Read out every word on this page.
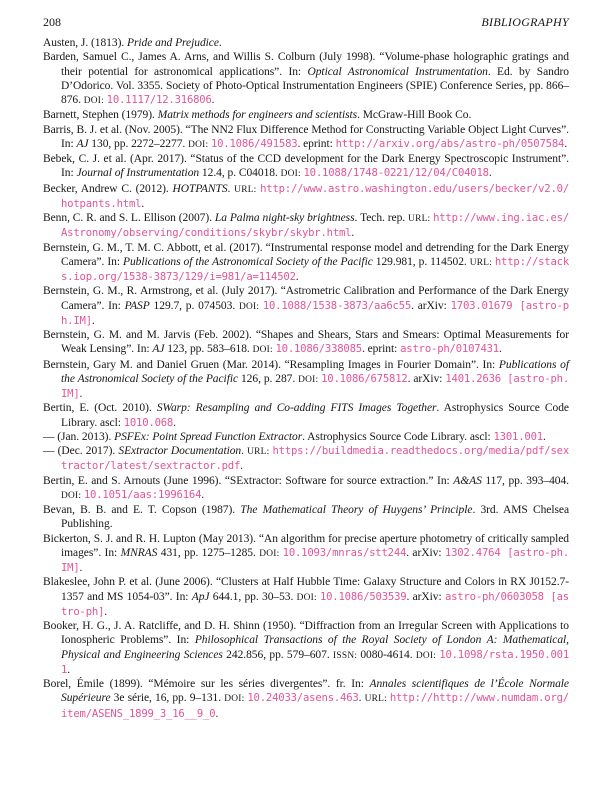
208	BIBLIOGRAPHY

Austen, J. (1813). Pride and Prejudice.

Barden, Samuel C., James A. Arns, and Willis S. Colburn (July 1998). “Volume-phase holographic gratings and their potential for astronomical applications”. In: Optical Astronomical Instrumentation. Ed. by Sandro D’Odorico. Vol. 3355. Society of Photo-Optical Instrumentation Engineers (SPIE) Conference Series, pp. 866–876. DOI: 10.1117/12.316806.

Barnett, Stephen (1979). Matrix methods for engineers and scientists. McGraw-Hill Book Co.

Barris, B. J. et al. (Nov. 2005). “The NN2 Flux Difference Method for Constructing Variable Object Light Curves”. In: AJ 130, pp. 2272–2277. DOI: 10.1086/491583. eprint: http://arxiv.org/abs/astro-ph/0507584.

Bebek, C. J. et al. (Apr. 2017). “Status of the CCD development for the Dark Energy Spectroscopic Instrument”. In: Journal of Instrumentation 12.4, p. C04018. DOI: 10.1088/1748-0221/12/04/C04018.

Becker, Andrew C. (2012). HOTPANTS. URL: http://www.astro.washington.edu/users/becker/v2.0/hotpants.html.

Benn, C. R. and S. L. Ellison (2007). La Palma night-sky brightness. Tech. rep. URL: http://www.ing.iac.es/Astronomy/observing/conditions/skybr/skybr.html.

Bernstein, G. M., T. M. C. Abbott, et al. (2017). “Instrumental response model and detrending for the Dark Energy Camera”. In: Publications of the Astronomical Society of the Pacific 129.981, p. 114502. URL: http://stacks.iop.org/1538-3873/129/i=981/a=114502.

Bernstein, G. M., R. Armstrong, et al. (July 2017). “Astrometric Calibration and Performance of the Dark Energy Camera”. In: PASP 129.7, p. 074503. DOI: 10.1088/1538-3873/aa6c55. arXiv: 1703.01679 [astro-ph.IM].

Bernstein, G. M. and M. Jarvis (Feb. 2002). “Shapes and Shears, Stars and Smears: Optimal Measurements for Weak Lensing”. In: AJ 123, pp. 583–618. DOI: 10.1086/338085. eprint: astro-ph/0107431.

Bernstein, Gary M. and Daniel Gruen (Mar. 2014). “Resampling Images in Fourier Domain”. In: Publications of the Astronomical Society of the Pacific 126, p. 287. DOI: 10.1086/675812. arXiv: 1401.2636 [astro-ph.IM].

Bertin, E. (Oct. 2010). SWarp: Resampling and Co-adding FITS Images Together. Astrophysics Source Code Library. ascl: 1010.068.

— (Jan. 2013). PSFEx: Point Spread Function Extractor. Astrophysics Source Code Library. ascl: 1301.001.

— (Dec. 2017). SExtractor Documentation. URL: https://buildmedia.readthedocs.org/media/pdf/sextractor/latest/sextractor.pdf.

Bertin, E. and S. Arnouts (June 1996). “SExtractor: Software for source extraction.” In: A&AS 117, pp. 393–404. DOI: 10.1051/aas:1996164.

Bevan, B. B. and E. T. Copson (1987). The Mathematical Theory of Huygens’ Principle. 3rd. AMS Chelsea Publishing.

Bickerton, S. J. and R. H. Lupton (May 2013). “An algorithm for precise aperture photometry of critically sampled images”. In: MNRAS 431, pp. 1275–1285. DOI: 10.1093/mnras/stt244. arXiv: 1302.4764 [astro-ph.IM].

Blakeslee, John P. et al. (June 2006). “Clusters at Half Hubble Time: Galaxy Structure and Colors in RX J0152.7-1357 and MS 1054-03”. In: ApJ 644.1, pp. 30–53. DOI: 10.1086/503539. arXiv: astro-ph/0603058 [astro-ph].

Booker, H. G., J. A. Ratcliffe, and D. H. Shinn (1950). “Diffraction from an Irregular Screen with Applications to Ionospheric Problems”. In: Philosophical Transactions of the Royal Society of London A: Mathematical, Physical and Engineering Sciences 242.856, pp. 579–607. ISSN: 0080-4614. DOI: 10.1098/rsta.1950.0011.

Borel, Émile (1899). “Mémoire sur les séries divergentes”. fr. In: Annales scientifiques de l’École Normale Supérieure 3e série, 16, pp. 9–131. DOI: 10.24033/asens.463. URL: http://http://www.numdam.org/item/ASENS_1899_3_16__9_0.
